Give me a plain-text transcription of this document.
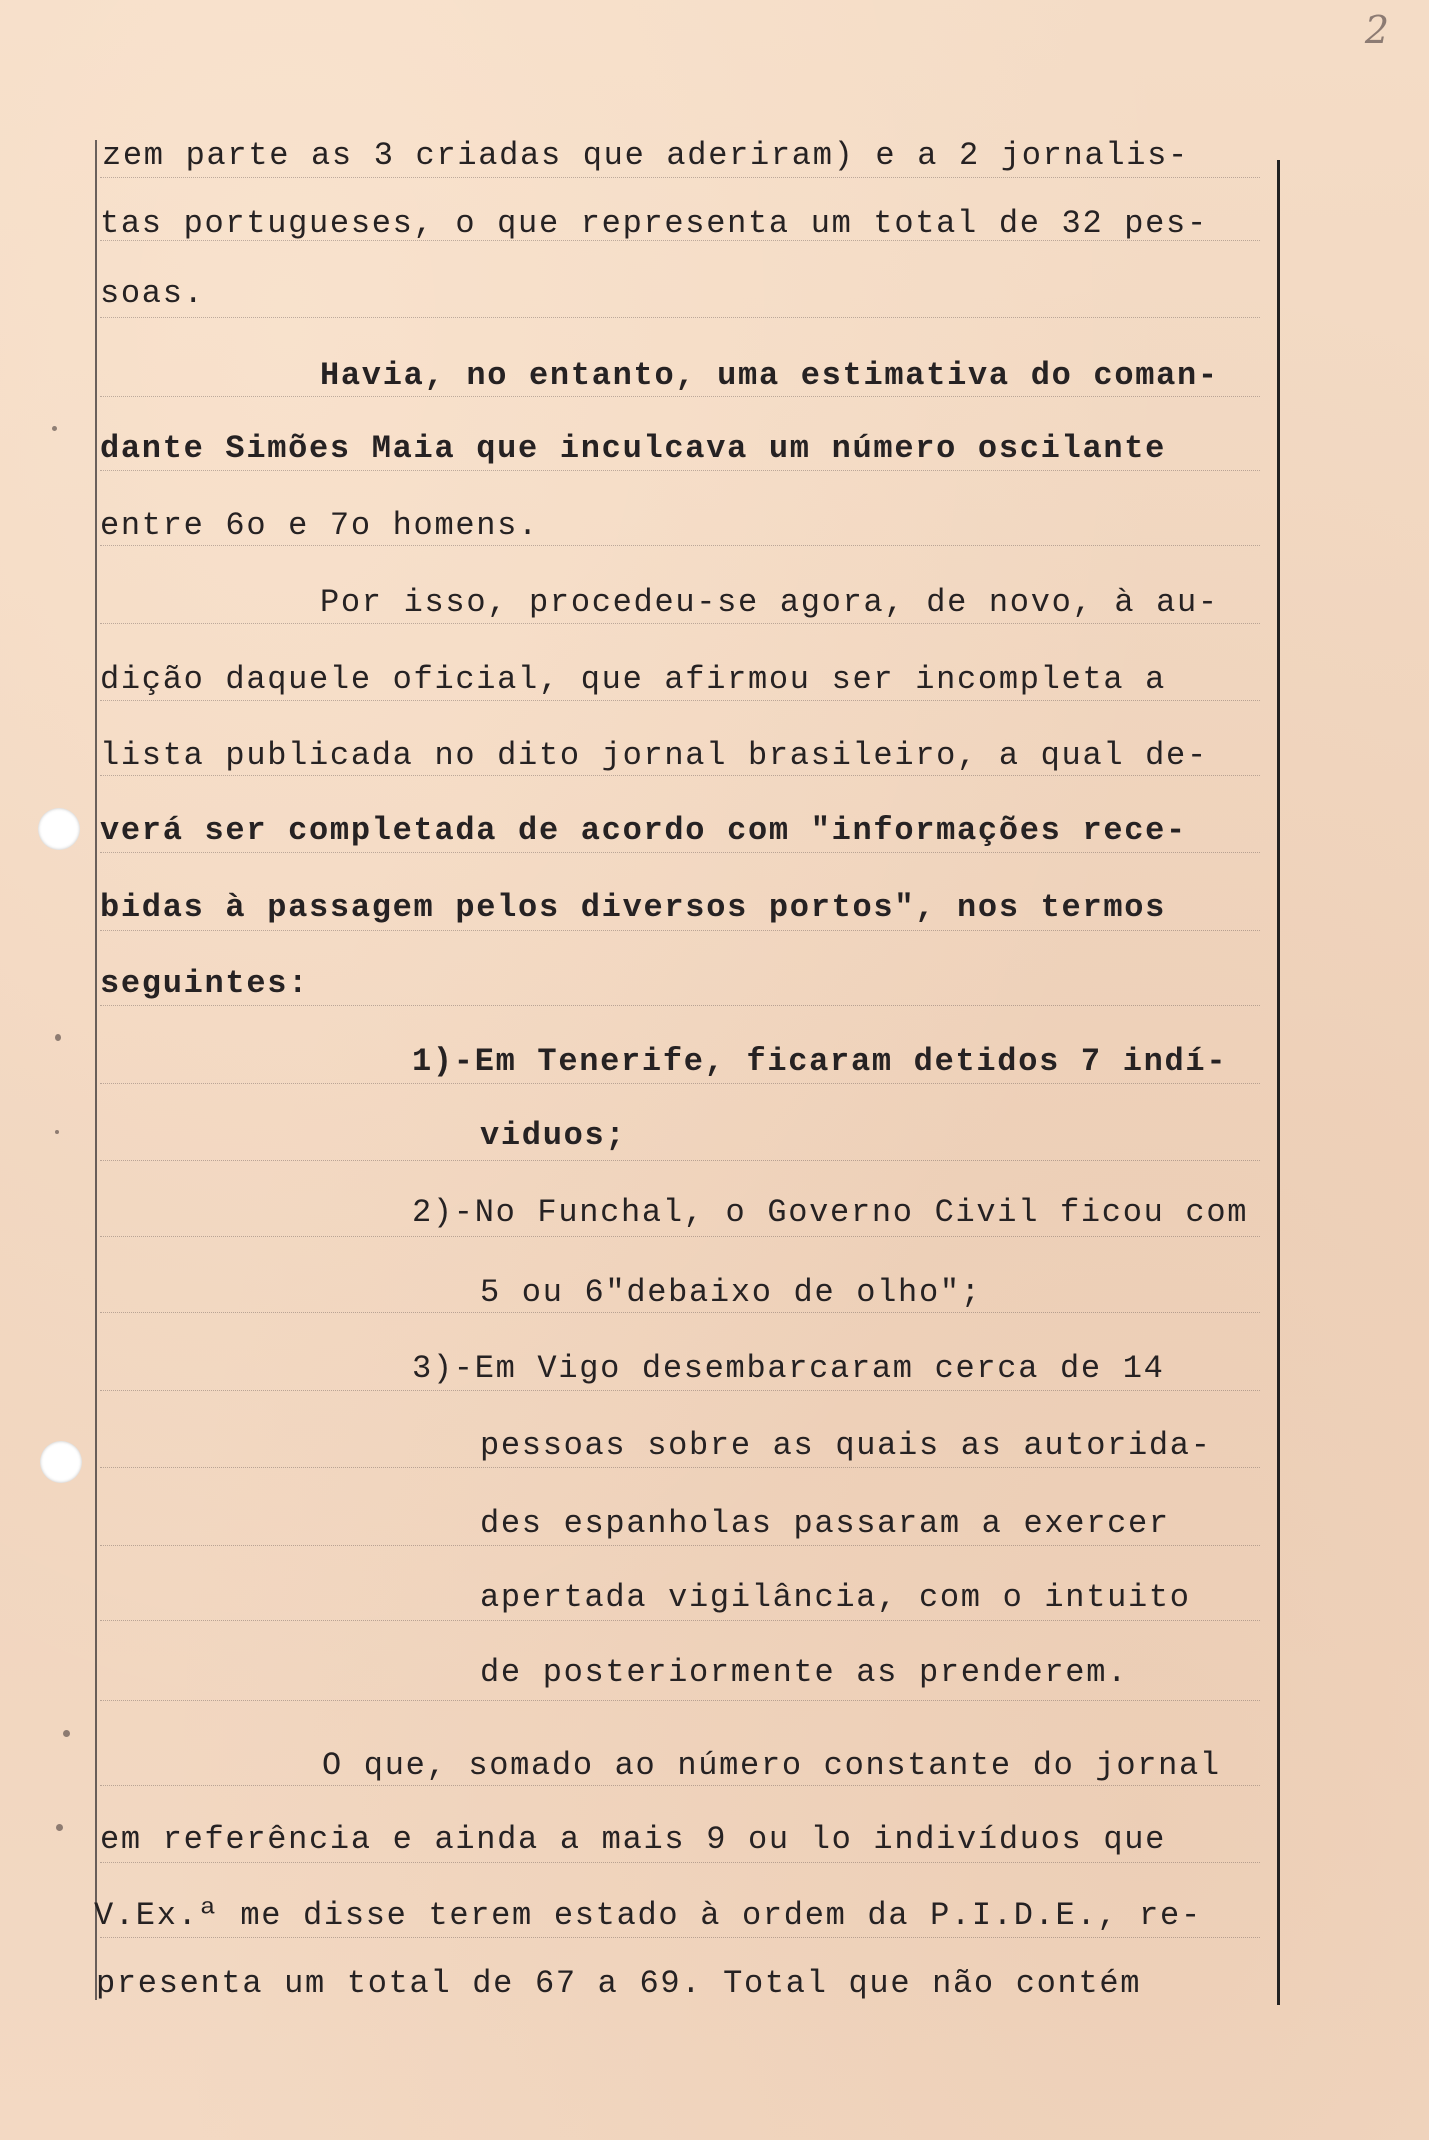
2
zem parte as 3 criadas que aderiram) e a 2 jornalis-
tas portugueses, o que representa um total de 32 pes-
soas.
Havia, no entanto, uma estimativa do coman-
dante Simões Maia que inculcava um número oscilante
entre 6o e 7o homens.
Por isso, procedeu-se agora, de novo, à au-
dição daquele oficial, que afirmou ser incompleta a
lista publicada no dito jornal brasileiro, a qual de-
verá ser completada de acordo com "informações rece-
bidas à passagem pelos diversos portos", nos termos
seguintes:
1)-Em Tenerife, ficaram detidos 7 indí-
viduos;
2)-No Funchal, o Governo Civil ficou com
5 ou 6"debaixo de olho";
3)-Em Vigo desembarcaram cerca de 14
pessoas sobre as quais as autorida-
des espanholas passaram a exercer
apertada vigilância, com o intuito
de posteriormente as prenderem.
O que, somado ao número constante do jornal
em referência e ainda a mais 9 ou lo indivíduos que
V.Ex.ª me disse terem estado à ordem da P.I.D.E., re-
presenta um total de 67 a 69. Total que não contém
